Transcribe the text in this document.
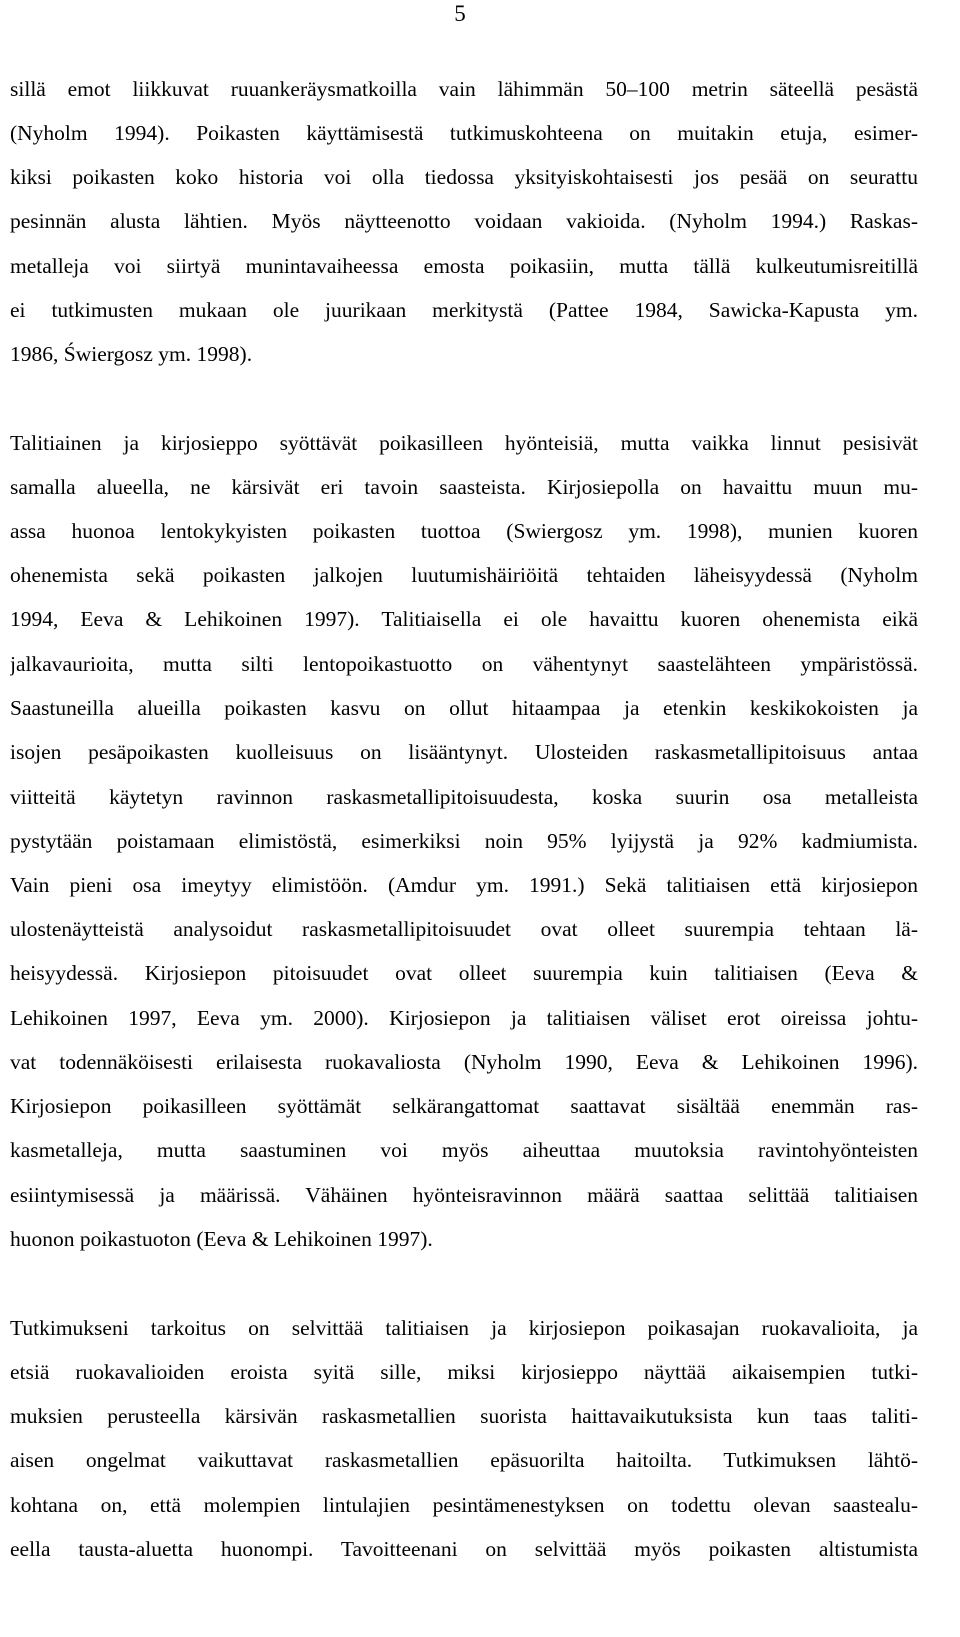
5
sillä emot liikkuvat ruuankeräysmatkoilla vain lähimmän 50–100 metrin säteellä pesästä
(Nyholm 1994). Poikasten käyttämisestä tutkimuskohteena on muitakin etuja, esimer-
kiksi poikasten koko historia voi olla tiedossa yksityiskohtaisesti jos pesää on seurattu
pesinnän alusta lähtien. Myös näytteenotto voidaan vakioida. (Nyholm 1994.) Raskas-
metalleja voi siirtyä munintavaiheessa emosta poikasiin, mutta tällä kulkeutumisreitillä
ei tutkimusten mukaan ole juurikaan merkitystä (Pattee 1984, Sawicka-Kapusta ym.
1986, Świergosz ym. 1998).
Talitiainen ja kirjosieppo syöttävät poikasilleen hyönteisiä, mutta vaikka linnut pesisivät
samalla alueella, ne kärsivät eri tavoin saasteista. Kirjosiepolla on havaittu muun mu-
assa huonoa lentokykyisten poikasten tuottoa (Swiergosz ym. 1998), munien kuoren
ohenemista sekä poikasten jalkojen luutumishäiriöitä tehtaiden läheisyydessä (Nyholm
1994, Eeva & Lehikoinen 1997). Talitiaisella ei ole havaittu kuoren ohenemista eikä
jalkavaurioita, mutta silti lentopoikastuotto on vähentynyt saastelähteen ympäristössä.
Saastuneilla alueilla poikasten kasvu on ollut hitaampaa ja etenkin keskikokoisten ja
isojen pesäpoikasten kuolleisuus on lisääntynyt. Ulosteiden raskasmetallipitoisuus antaa
viitteitä käytetyn ravinnon raskasmetallipitoisuudesta, koska suurin osa metalleista
pystytään poistamaan elimistöstä, esimerkiksi noin 95% lyijystä ja 92% kadmiumista.
Vain pieni osa imeytyy elimistöön. (Amdur ym. 1991.) Sekä talitiaisen että kirjosiepon
ulostenäytteistä analysoidut raskasmetallipitoisuudet ovat olleet suurempia tehtaan lä-
heisyydessä. Kirjosiepon pitoisuudet ovat olleet suurempia kuin talitiaisen (Eeva &
Lehikoinen 1997, Eeva ym. 2000). Kirjosiepon ja talitiaisen väliset erot oireissa johtu-
vat todennäköisesti erilaisesta ruokavaliosta (Nyholm 1990, Eeva & Lehikoinen 1996).
Kirjosiepon poikasilleen syöttämät selkärangattomat saattavat sisältää enemmän ras-
kasmetalleja, mutta saastuminen voi myös aiheuttaa muutoksia ravintohyönteisten
esiintymisessä ja määrissä. Vähäinen hyönteisravinnon määrä saattaa selittää talitiaisen
huonon poikastuoton (Eeva & Lehikoinen 1997).
Tutkimukseni tarkoitus on selvittää talitiaisen ja kirjosiepon poikasajan ruokavalioita, ja
etsiä ruokavalioiden eroista syitä sille, miksi kirjosieppo näyttää aikaisempien tutki-
muksien perusteella kärsivän raskasmetallien suorista haittavaikutuksista kun taas taliti-
aisen ongelmat vaikuttavat raskasmetallien epäsuorilta haitoilta. Tutkimuksen lähtö-
kohtana on, että molempien lintulajien pesintämenestyksen on todettu olevan saastealu-
eella tausta-aluetta huonompi. Tavoitteenani on selvittää myös poikasten altistumista
